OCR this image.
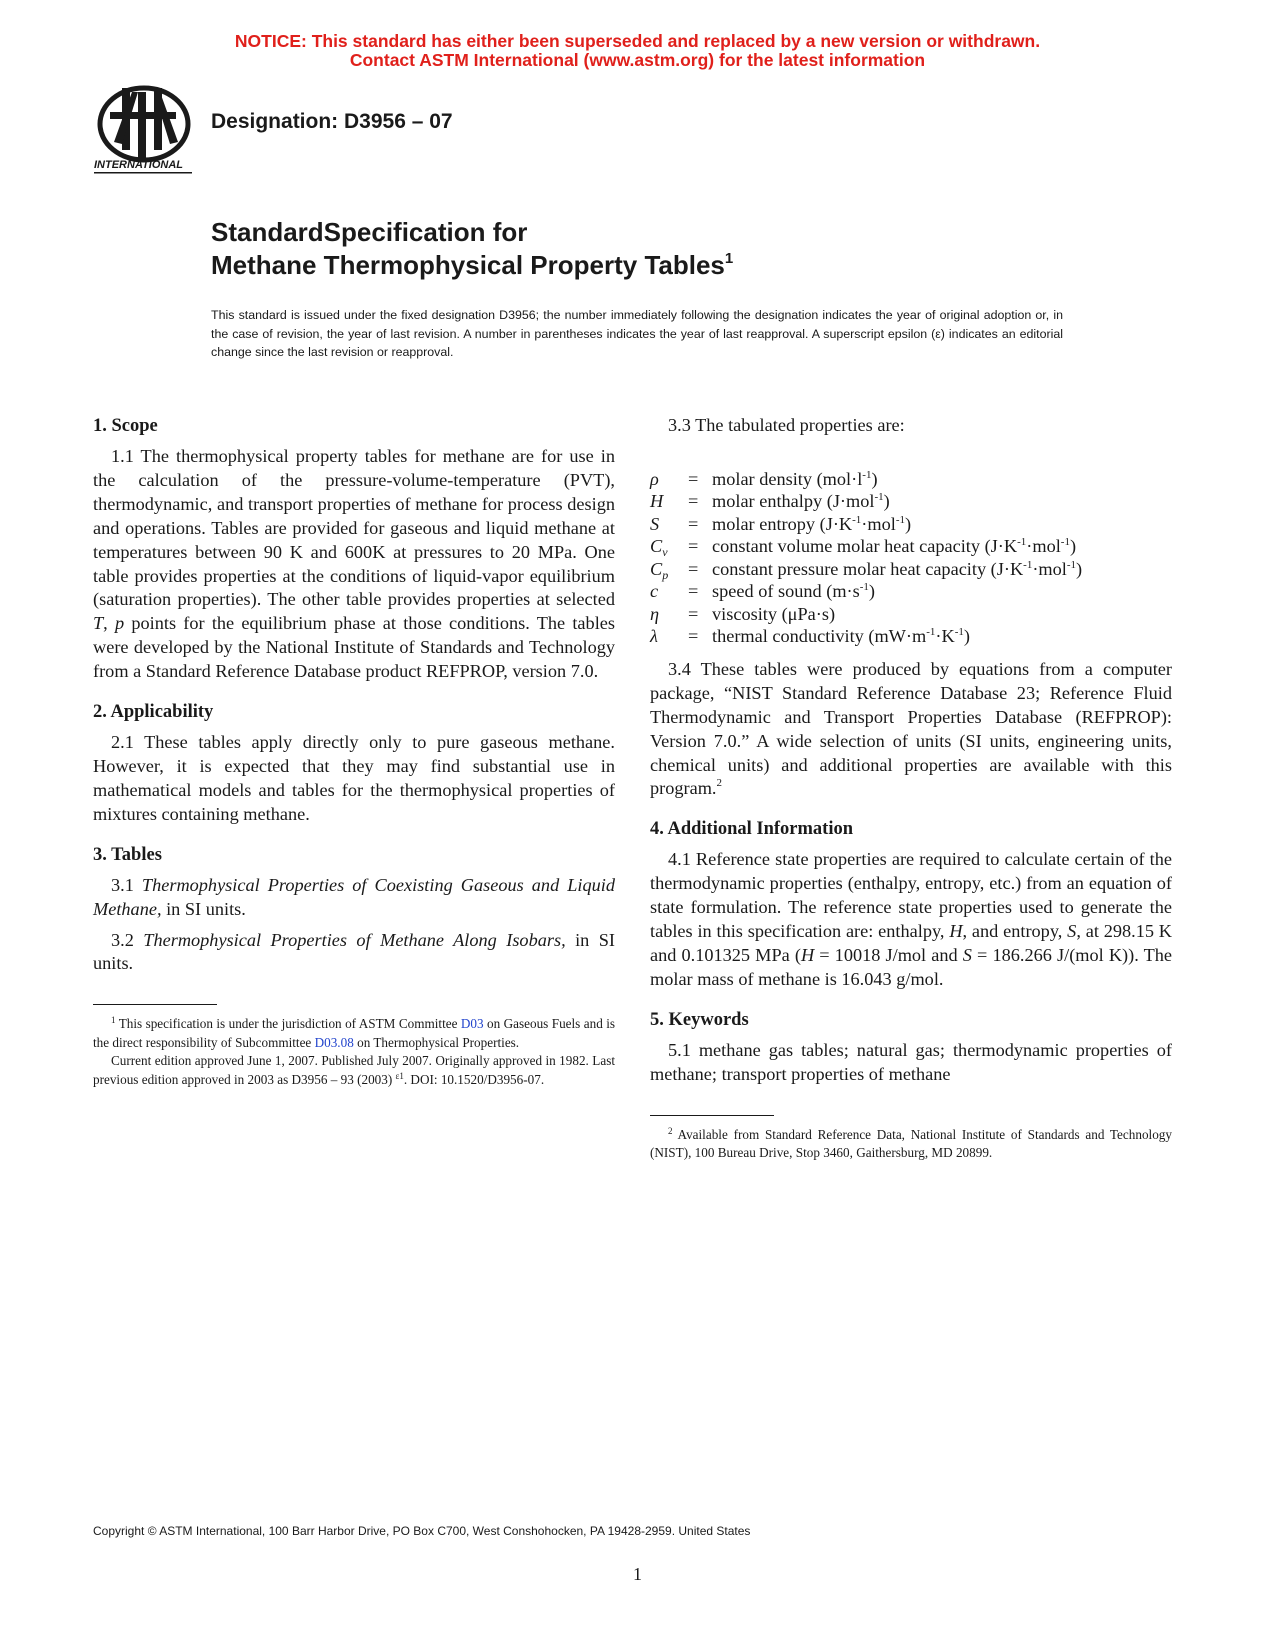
NOTICE: This standard has either been superseded and replaced by a new version or withdrawn.
Contact ASTM International (www.astm.org) for the latest information
INTERNATIONAL
Designation: D3956 – 07
StandardSpecification for
Methane Thermophysical Property Tables$^1$
This standard is issued under the fixed designation D3956; the number immediately following the designation indicates the year of original adoption or, in the case of revision, the year of last revision. A number in parentheses indicates the year of last reapproval. A superscript epsilon (ε) indicates an editorial change since the last revision or reapproval.
1. Scope

1.1 The thermophysical property tables for methane are for use in the calculation of the pressure-volume-temperature (PVT), thermodynamic, and transport properties of methane for process design and operations. Tables are provided for gaseous and liquid methane at temperatures between 90 K and 600K at pressures to 20 MPa. One table provides properties at the conditions of liquid-vapor equilibrium (saturation properties). The other table provides properties at selected T, p points for the equilibrium phase at those conditions. The tables were developed by the National Institute of Standards and Technology from a Standard Reference Database product REFPROP, version 7.0.

2. Applicability

2.1 These tables apply directly only to pure gaseous methane. However, it is expected that they may find substantial use in mathematical models and tables for the thermophysical properties of mixtures containing methane.

3. Tables

3.1 Thermophysical Properties of Coexisting Gaseous and Liquid Methane, in SI units.

3.2 Thermophysical Properties of Methane Along Isobars, in SI units.

$^1$ This specification is under the jurisdiction of ASTM Committee D03 on Gaseous Fuels and is the direct responsibility of Subcommittee D03.08 on Thermophysical Properties.

Current edition approved June 1, 2007. Published July 2007. Originally approved in 1982. Last previous edition approved in 2003 as D3956 – 93 (2003) $^{\varepsilon 1}$. DOI: 10.1520/D3956-07.

3.3 The tabulated properties are:

ρ	= molar density $(mol\cdot l^{-1})$
H	= molar enthalpy (J·mol$^{-1}$)
S	= molar entropy $(J\cdot K^{-1}\cdot mol^{-1})$
$C_v$	= constant volume molar heat capacity $(J\cdot K^{-1}\cdot mol^{-1})$
$C_p$	= constant pressure molar heat capacity $(J\cdot K^{-1}\cdot mol^{-1})$
c	= speed of sound $(m\cdot s^{-1})$
η	= viscosity (μPa·s)
λ	= thermal conductivity $(mW\cdot m^{-1}\cdot K^{-1})$

3.4 These tables were produced by equations from a computer package, “NIST Standard Reference Database 23; Reference Fluid Thermodynamic and Transport Properties Database (REFPROP): Version 7.0.” A wide selection of units (SI units, engineering units, chemical units) and additional properties are available with this program.$^2$

4. Additional Information

4.1 Reference state properties are required to calculate certain of the thermodynamic properties (enthalpy, entropy, etc.) from an equation of state formulation. The reference state properties used to generate the tables in this specification are: enthalpy, H, and entropy, S, at 298.15 K and 0.101325 MPa (H = 10018 J/mol and S = 186.266 J/(mol K)). The molar mass of methane is 16.043 g/mol.

5. Keywords

5.1 methane gas tables; natural gas; thermodynamic properties of methane; transport properties of methane

$^2$ Available from Standard Reference Data, National Institute of Standards and Technology (NIST), 100 Bureau Drive, Stop 3460, Gaithersburg, MD 20899.

Copyright © ASTM International, 100 Barr Harbor Drive, PO Box C700, West Conshohocken, PA 19428-2959. United States
1
